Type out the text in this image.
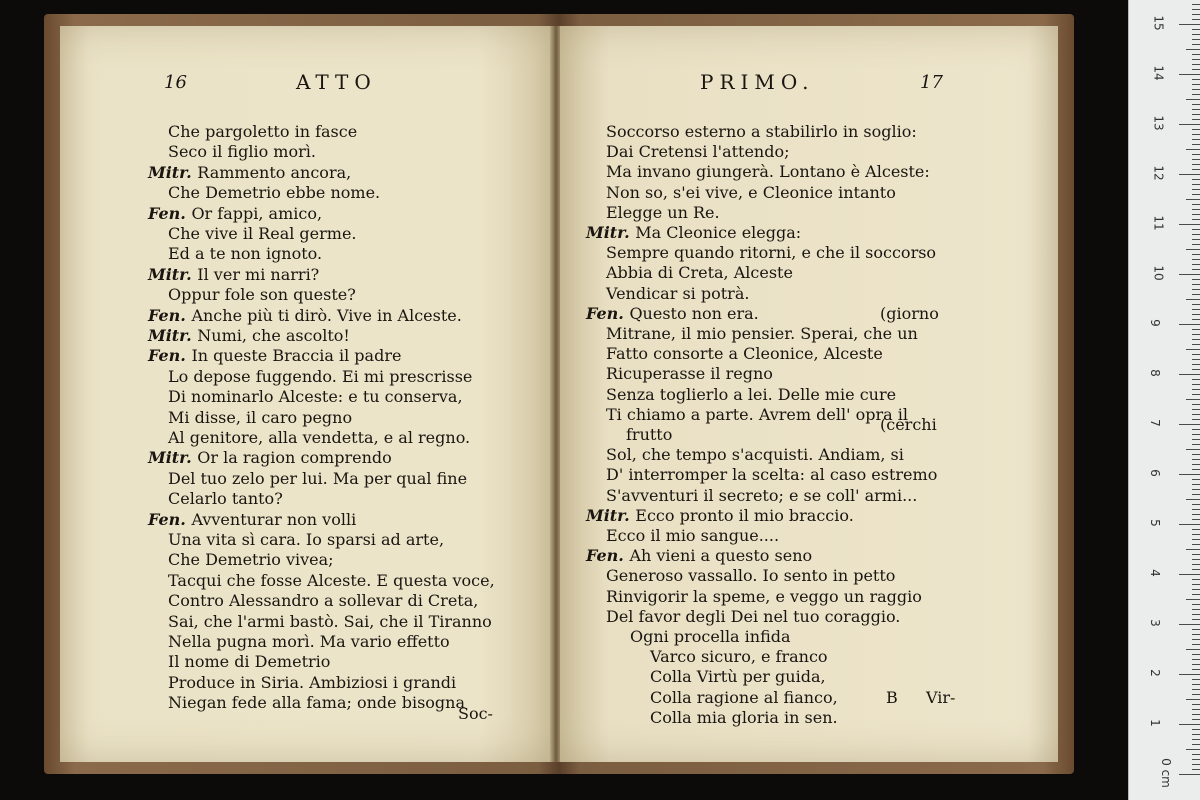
16	ATTO
Che pargoletto in fasce
Seco il figlio morì.
Mitr. Rammento ancora,
Che Demetrio ebbe nome.
Fen. Or fappi, amico,
Che vive il Real germe.
Ed a te non ignoto.
Mitr. Il ver mi narri?
Oppur fole son queste?
Fen. Anche più ti dirò. Vive in Alceste.
Mitr. Numi, che ascolto!
Fen. In queste Braccia il padre
Lo depose fuggendo. Ei mi prescrisse
Di nominarlo Alceste: e tu conserva,
Mi disse, il caro pegno
Al genitore, alla vendetta, e al regno.
Mitr. Or la ragion comprendo
Del tuo zelo per lui. Ma per qual fine
Celarlo tanto?
Fen. Avventurar non volli
Una vita sì cara. Io sparsi ad arte,
Che Demetrio vivea;
Tacqui che fosse Alceste. E questa voce,
Contro Alessandro a sollevar di Creta,
Sai, che l'armi bastò. Sai, che il Tiranno
Nella pugna morì. Ma vario effetto
Il nome di Demetrio
Produce in Siria. Ambiziosi i grandi
Niegan fede alla fama; onde bisogna
Soc-
PRIMO.	17
Soccorso esterno a stabilirlo in soglio:
Dai Cretensi l'attendo;
Ma invano giungerà. Lontano è Alceste:
Non so, s'ei vive, e Cleonice intanto
Elegge un Re.
Mitr. Ma Cleonice elegga:
Sempre quando ritorni, e che il soccorso
Abbia di Creta, Alceste
Vendicar si potrà.
Fen. Questo non era.	(giorno
Mitrane, il mio pensier. Sperai, che un
Fatto consorte a Cleonice, Alceste
Ricuperasse il regno
Senza toglierlo a lei. Delle mie cure
Ti chiamo a parte. Avrem dell' opra il
frutto
(cerchi
Sol, che tempo s'acquisti. Andiam, si
D' interromper la scelta: al caso estremo
S'avventuri il secreto; e se coll' armi...
Mitr. Ecco pronto il mio braccio.
Ecco il mio sangue....
Fen. Ah vieni a questo seno
Generoso vassallo. Io sento in petto
Rinvigorir la speme, e veggo un raggio
Del favor degli Dei nel tuo coraggio.
Ogni procella infida
Varco sicuro, e franco
Colla Virtù per guida,
Colla ragione al fianco,
Colla mia gloria in sen.
B Vir-
0 cm
1
2
3
4
5
6
7
8
9
10
11
12
13
14
15
